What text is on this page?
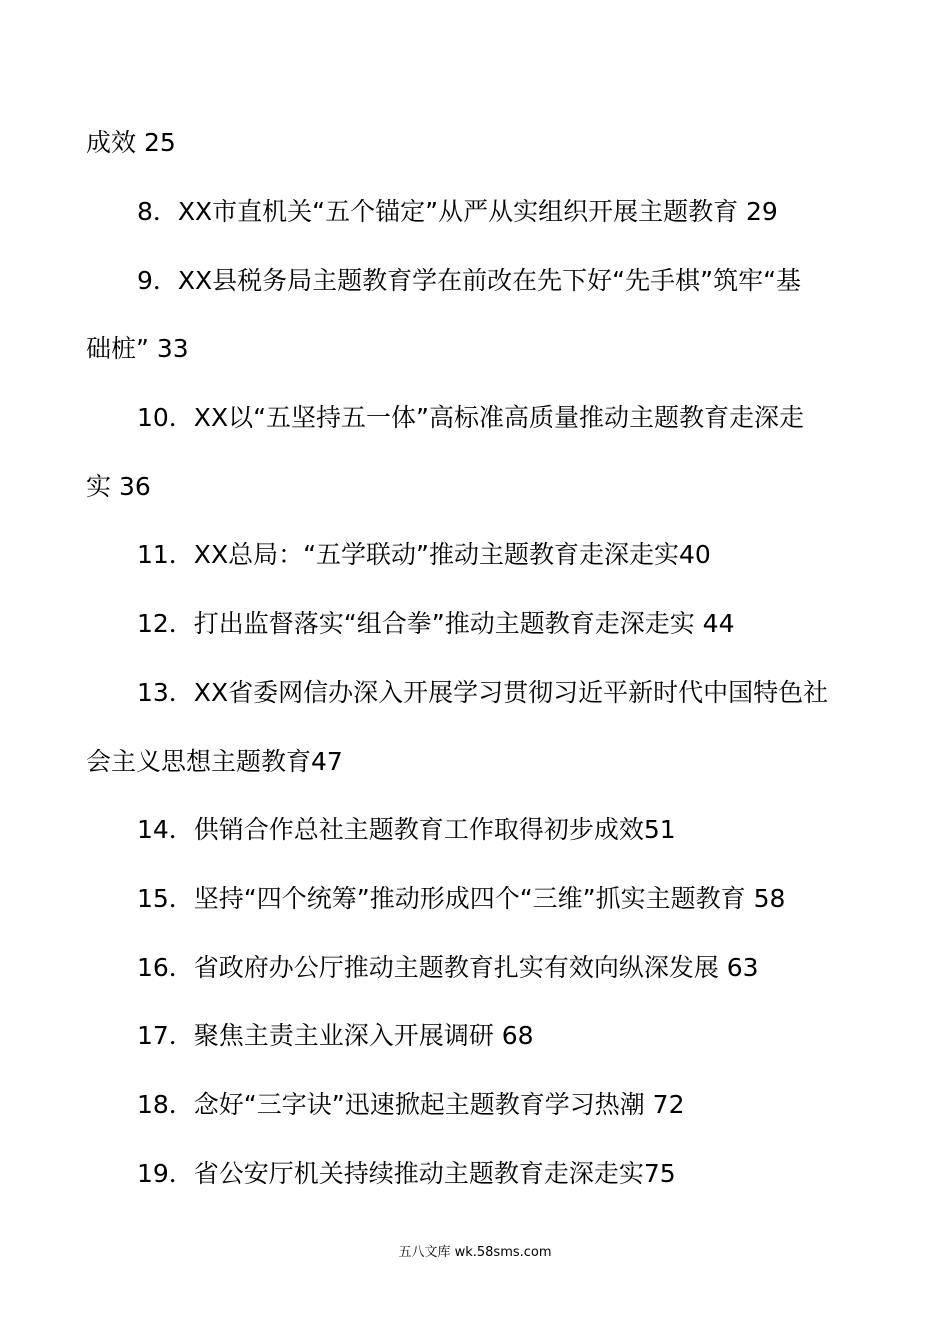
成效 25
8．XX市直机关“五个锚定”从严从实组织开展主题教育 29
9．XX县税务局主题教育学在前改在先下好“先手棋”筑牢“基
础桩” 33
10．XX以“五坚持五一体”高标准高质量推动主题教育走深走
实 36
11．XX总局：“五学联动”推动主题教育走深走实40
12．打出监督落实“组合拳”推动主题教育走深走实 44
13．XX省委网信办深入开展学习贯彻习近平新时代中国特色社
会主义思想主题教育47
14．供销合作总社主题教育工作取得初步成效51
15．坚持“四个统筹”推动形成四个“三维”抓实主题教育 58
16．省政府办公厅推动主题教育扎实有效向纵深发展 63
17．聚焦主责主业深入开展调研 68
18．念好“三字诀”迅速掀起主题教育学习热潮 72
19．省公安厅机关持续推动主题教育走深走实75
五八文库 wk.58sms.com
